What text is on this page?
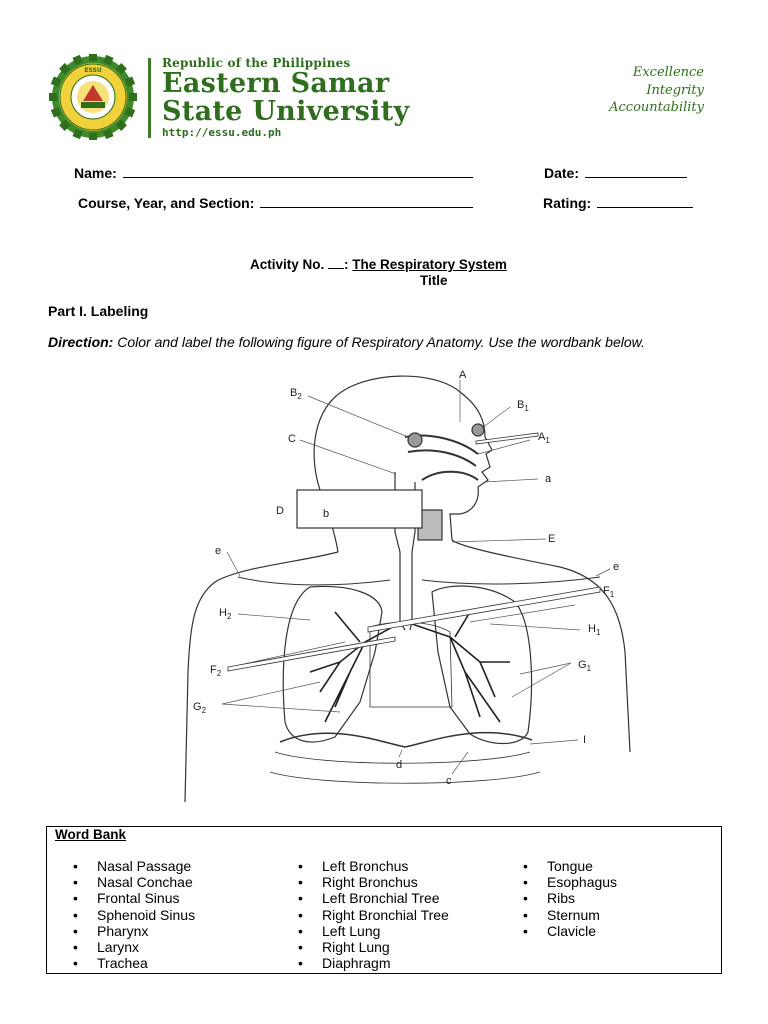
ESSU
Republic of the Philippines
Eastern Samar
State University
http://essu.edu.ph
Excellence
Integrity
Accountability
Name:	Date:
Course, Year, and Section:	Rating:
Activity No. : The Respiratory System
Title
Part I. Labeling
Direction: Color and label the following figure of Respiratory Anatomy. Use the wordbank below.
A
$B_2$
$B_1$
$A_1$
C
a
D	b
E
e
e
$F_1$
$H_2$
$H_1$
$F_2$
$G_1$
$G_2$
I
d
c
Word Bank
• Nasal Passage
• Nasal Conchae
• Frontal Sinus
• Sphenoid Sinus
• Pharynx
• Larynx
• Trachea
• Left Bronchus
• Right Bronchus
• Left Bronchial Tree
• Right Bronchial Tree
• Left Lung
• Right Lung
• Diaphragm
• Tongue
• Esophagus
• Ribs
• Sternum
• Clavicle
